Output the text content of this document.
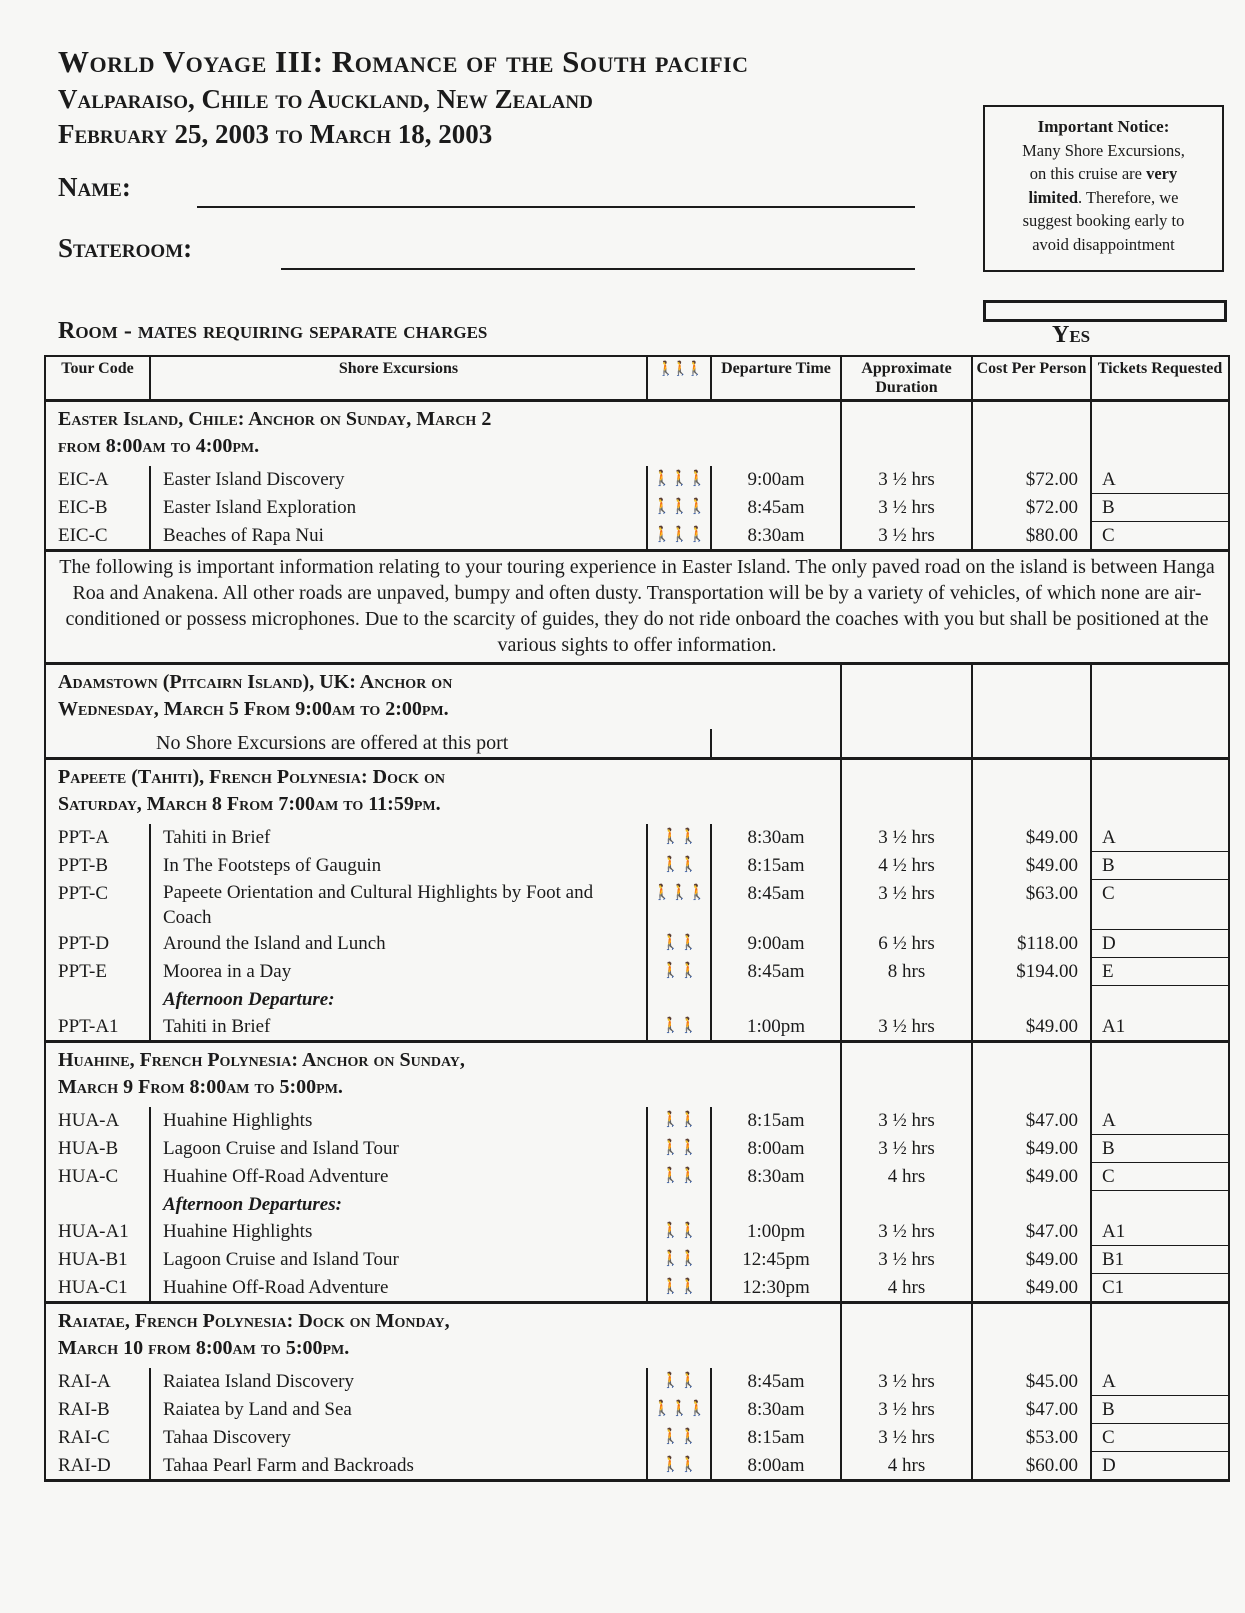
World Voyage III: Romance of the South pacific
Valparaiso, Chile to Auckland, New Zealand
February 25, 2003 to March 18, 2003
Name:
Stateroom:
Important Notice:
Many Shore Excursions,
on this cruise are very
limited. Therefore, we
suggest booking early to
avoid disappointment
Room - mates requiring separate charges	Yes
Tour Code	Shore Excursions	🚶🚶🚶	Departure Time	Approximate Duration	Cost Per Person	Tickets Requested

Easter Island, Chile: Anchor on Sunday, March 2
from 8:00am to 4:00pm.						

EIC-A	Easter Island Discovery	🚶🚶🚶	9:00am	3 ½ hrs	$72.00	A
EIC-B	Easter Island Exploration	🚶🚶🚶	8:45am	3 ½ hrs	$72.00	B
EIC-C	Beaches of Rapa Nui	🚶🚶🚶	8:30am	3 ½ hrs	$80.00	C
The following is important information relating to your touring experience in Easter Island. The only paved road on the island is between Hanga Roa and Anakena. All other roads are unpaved, bumpy and often dusty. Transportation will be by a variety of vehicles, of which none are air-conditioned or possess microphones. Due to the scarcity of guides, they do not ride onboard the coaches with you but shall be positioned at the various sights to offer information.						

Adamstown (Pitcairn Island), UK: Anchor on
Wednesday, March 5 From 9:00am to 2:00pm.						

No Shore Excursions are offered at this port						

Papeete (Tahiti), French Polynesia: Dock on
Saturday, March 8 From 7:00am to 11:59pm.						

PPT-A	Tahiti in Brief	🚶🚶	8:30am	3 ½ hrs	$49.00	A
PPT-B	In The Footsteps of Gauguin	🚶🚶	8:15am	4 ½ hrs	$49.00	B
PPT-C	Papeete Orientation and Cultural Highlights by Foot and Coach	🚶🚶🚶	8:45am	3 ½ hrs	$63.00	C
PPT-D	Around the Island and Lunch	🚶🚶	9:00am	6 ½ hrs	$118.00	D
PPT-E	Moorea in a Day	🚶🚶	8:45am	8 hrs	$194.00	E
	Afternoon Departure:					
PPT-A1	Tahiti in Brief	🚶🚶	1:00pm	3 ½ hrs	$49.00	A1

Huahine, French Polynesia: Anchor on Sunday,
March 9 From 8:00am to 5:00pm.						

HUA-A	Huahine Highlights	🚶🚶	8:15am	3 ½ hrs	$47.00	A
HUA-B	Lagoon Cruise and Island Tour	🚶🚶	8:00am	3 ½ hrs	$49.00	B
HUA-C	Huahine Off-Road Adventure	🚶🚶	8:30am	4 hrs	$49.00	C
	Afternoon Departures:					
HUA-A1	Huahine Highlights	🚶🚶	1:00pm	3 ½ hrs	$47.00	A1
HUA-B1	Lagoon Cruise and Island Tour	🚶🚶	12:45pm	3 ½ hrs	$49.00	B1
HUA-C1	Huahine Off-Road Adventure	🚶🚶	12:30pm	4 hrs	$49.00	C1

Raiatae, French Polynesia: Dock on Monday,
March 10 from 8:00am to 5:00pm.						

RAI-A	Raiatea Island Discovery	🚶🚶	8:45am	3 ½ hrs	$45.00	A
RAI-B	Raiatea by Land and Sea	🚶🚶🚶	8:30am	3 ½ hrs	$47.00	B
RAI-C	Tahaa Discovery	🚶🚶	8:15am	3 ½ hrs	$53.00	C
RAI-D	Tahaa Pearl Farm and Backroads	🚶🚶	8:00am	4 hrs	$60.00	D
